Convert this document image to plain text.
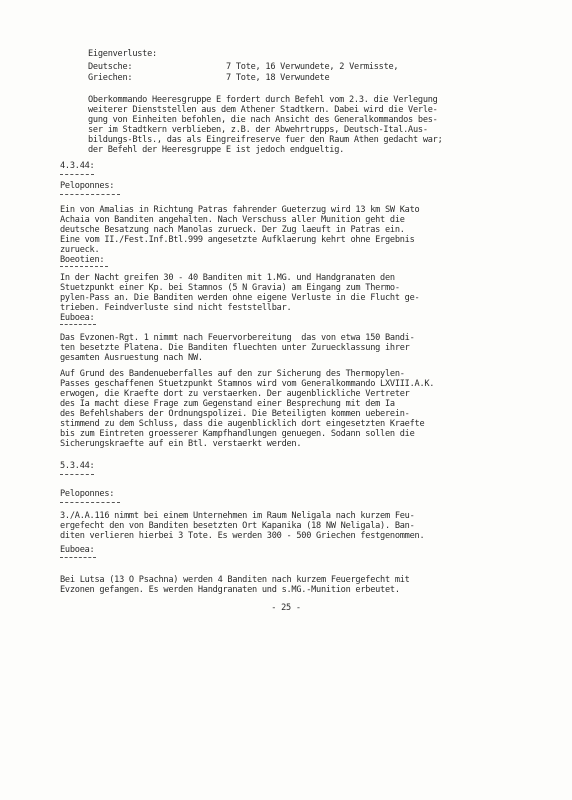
Eigenverluste:

Deutsche:

	7 Tote, 16 Verwundete, 2 Vermisste,

Griechen:

	7 Tote, 18 Verwundete

Oberkommando Heeresgruppe E fordert durch Befehl vom 2.3. die Verlegung

weiterer Dienststellen aus dem Athener Stadtkern. Dabei wird die Verle-

gung von Einheiten befohlen, die nach Ansicht des Generalkommandos bes-

ser im Stadtkern verblieben, z.B. der Abwehrtrupps, Deutsch-Ital.Aus-

bildungs-Btls., das als Eingreifreserve fuer den Raum Athen gedacht war;

der Befehl der Heeresgruppe E ist jedoch endgueltig.

4.3.44:

Peloponnes:

Ein von Amalias in Richtung Patras fahrender Gueterzug wird 13 km SW Kato

Achaia von Banditen angehalten. Nach Verschuss aller Munition geht die

deutsche Besatzung nach Manolas zurueck. Der Zug laeuft in Patras ein.

Eine vom II./Fest.Inf.Btl.999 angesetzte Aufklaerung kehrt ohne Ergebnis

zurueck.

Boeotien:

In der Nacht greifen 30 - 40 Banditen mit 1.MG. und Handgranaten den

Stuetzpunkt einer Kp. bei Stamnos (5 N Gravia) am Eingang zum Thermo-

pylen-Pass an. Die Banditen werden ohne eigene Verluste in die Flucht ge-

trieben. Feindverluste sind nicht feststellbar.

Euboea:

Das Evzonen-Rgt. 1 nimmt nach Feuervorbereitung  das von etwa 150 Bandi-

ten besetzte Platena. Die Banditen fluechten unter Zuruecklassung ihrer

gesamten Ausruestung nach NW.

Auf Grund des Bandenueberfalles auf den zur Sicherung des Thermopylen-

Passes geschaffenen Stuetzpunkt Stamnos wird vom Generalkommando LXVIII.A.K.

erwogen, die Kraefte dort zu verstaerken. Der augenblickliche Vertreter

des Ia macht diese Frage zum Gegenstand einer Besprechung mit dem Ia

des Befehlshabers der Ordnungspolizei. Die Beteiligten kommen ueberein-

stimmend zu dem Schluss, dass die augenblicklich dort eingesetzten Kraefte

bis zum Eintreten groesserer Kampfhandlungen genuegen. Sodann sollen die

Sicherungskraefte auf ein Btl. verstaerkt werden.

5.3.44:

Peloponnes:

3./A.A.116 nimmt bei einem Unternehmen im Raum Neligala nach kurzem Feu-

ergefecht den von Banditen besetzten Ort Kapanika (18 NW Neligala). Ban-

diten verlieren hierbei 3 Tote. Es werden 300 - 500 Griechen festgenommen.

Euboea:

Bei Lutsa (13 O Psachna) werden 4 Banditen nach kurzem Feuergefecht mit

Evzonen gefangen. Es werden Handgranaten und s.MG.-Munition erbeutet.

- 25 -
